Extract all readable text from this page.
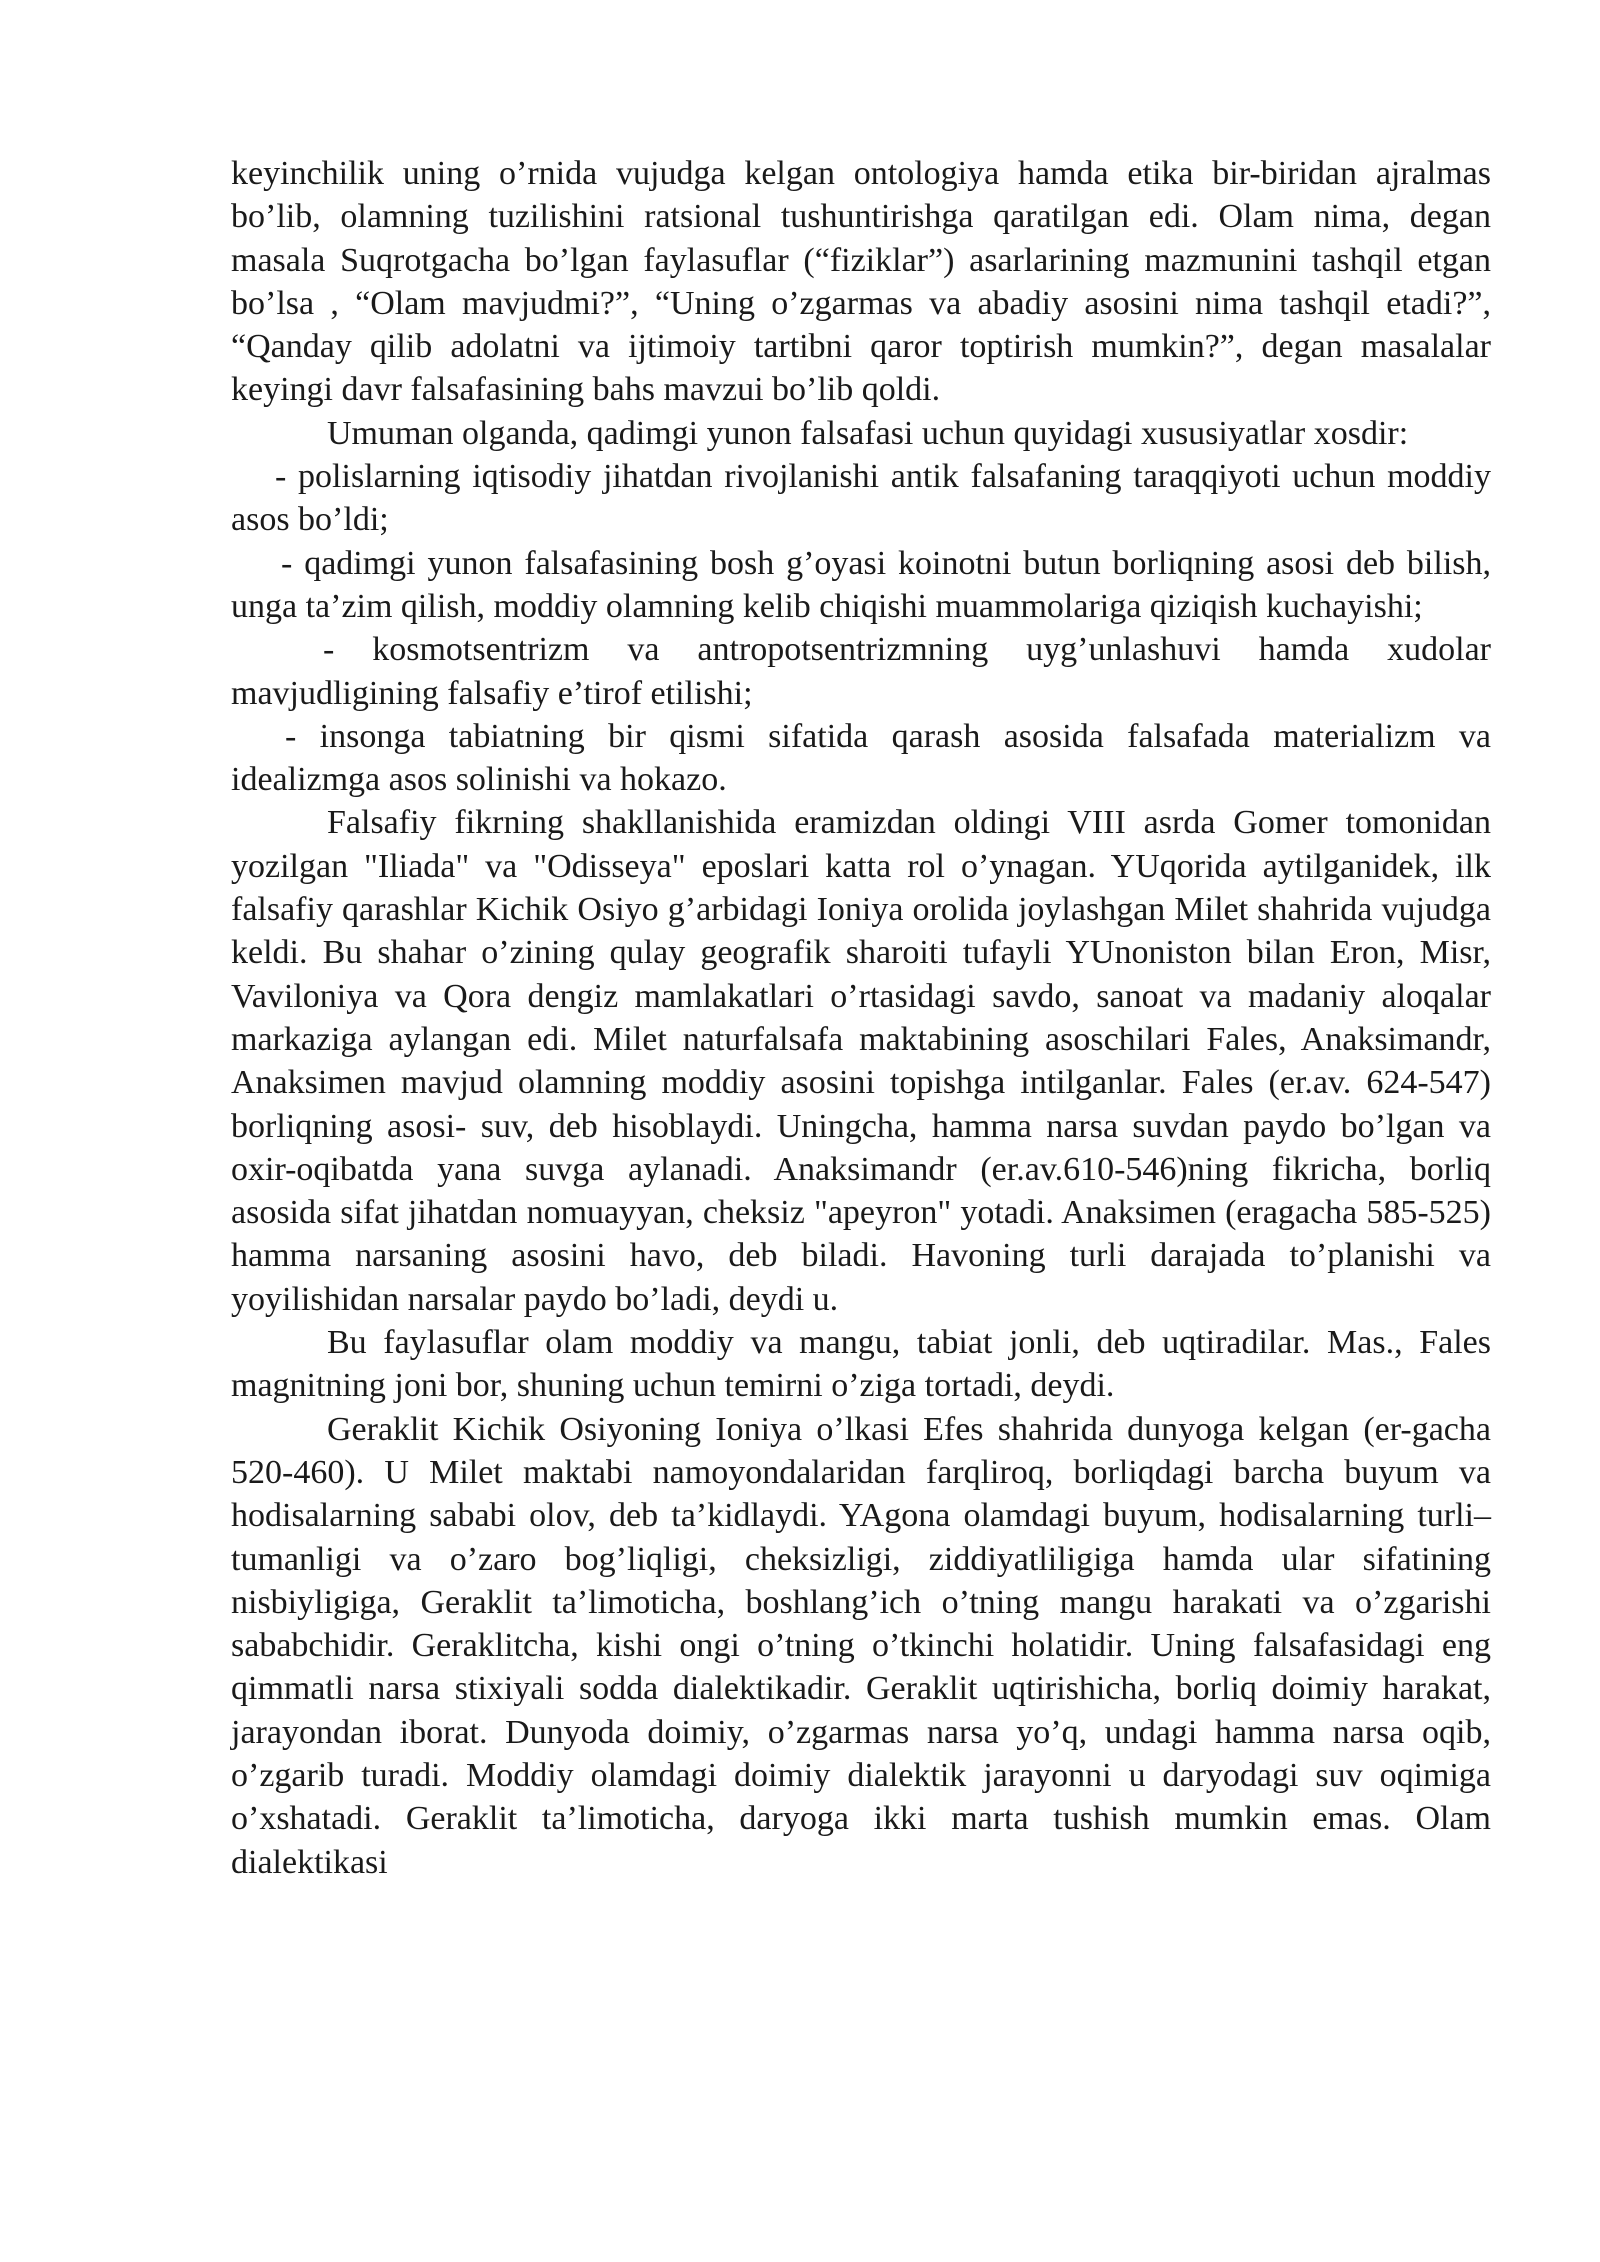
keyinchilik uning o’rnida vujudga kelgan ontologiya hamda etika bir-biridan ajralmas bo’lib, olamning tuzilishini ratsional tushuntirishga qaratilgan edi. Olam nima, degan masala Suqrotgacha bo’lgan faylasuflar (“fiziklar”) asarlarining mazmunini tashqil etgan bo’lsa , “Olam mavjudmi?”, “Uning o’zgarmas va abadiy asosini nima tashqil etadi?”, “Qanday qilib adolatni va ijtimoiy tartibni qaror toptirish mumkin?”, degan masalalar keyingi davr falsafasining bahs mavzui bo’lib qoldi.

Umuman olganda, qadimgi yunon falsafasi uchun quyidagi xususiyatlar xosdir:

- polislarning iqtisodiy jihatdan rivojlanishi antik falsafaning taraqqiyoti uchun moddiy asos bo’ldi;

- qadimgi yunon falsafasining bosh g’oyasi koinotni butun borliqning asosi deb bilish, unga ta’zim qilish, moddiy olamning kelib chiqishi muammolariga qiziqish kuchayishi;

- kosmotsentrizm va antropotsentrizmning uyg’unlashuvi hamda xudolar mavjudligining falsafiy e’tirof etilishi;

- insonga tabiatning bir qismi sifatida qarash asosida falsafada materializm va idealizmga asos solinishi va hokazo.

Falsafiy fikrning shakllanishida eramizdan oldingi VIII asrda Gomer tomonidan yozilgan "Iliada" va "Odisseya" eposlari katta rol o’ynagan. YUqorida aytilganidek, ilk falsafiy qarashlar Kichik Osiyo g’arbidagi Ioniya orolida joylashgan Milet shahrida vujudga keldi. Bu shahar o’zining qulay geografik sharoiti tufayli YUnoniston bilan Eron, Misr, Vaviloniya va Qora dengiz mamlakatlari o’rtasidagi savdo, sanoat va madaniy aloqalar markaziga aylangan edi. Milet naturfalsafa maktabining asoschilari Fales, Anaksimandr, Anaksimen mavjud olamning moddiy asosini topishga intilganlar. Fales (er.av. 624-547) borliqning asosi- suv, deb hisoblaydi. Uningcha, hamma narsa suvdan paydo bo’lgan va oxir-oqibatda yana suvga aylanadi. Anaksimandr (er.av.610-546)ning fikricha, borliq asosida sifat jihatdan nomuayyan, cheksiz "apeyron" yotadi. Anaksimen (eragacha 585-525) hamma narsaning asosini havo, deb biladi. Havoning turli darajada to’planishi va yoyilishidan narsalar paydo bo’ladi, deydi u.

Bu faylasuflar olam moddiy va mangu, tabiat jonli, deb uqtiradilar. Mas., Fales magnitning joni bor, shuning uchun temirni o’ziga tortadi, deydi.

Geraklit Kichik Osiyoning Ioniya o’lkasi Efes shahrida dunyoga kelgan (er-gacha 520-460). U Milet maktabi namoyondalaridan farqliroq, borliqdagi barcha buyum va hodisalarning sababi olov, deb ta’kidlaydi. YAgona olamdagi buyum, hodisalarning turli–tumanligi va o’zaro bog’liqligi, cheksizligi, ziddiyatliligiga hamda ular sifatining nisbiyligiga, Geraklit ta’limoticha, boshlang’ich o’tning mangu harakati va o’zgarishi sababchidir. Geraklitcha, kishi ongi o’tning o’tkinchi holatidir. Uning falsafasidagi eng qimmatli narsa stixiyali sodda dialektikadir. Geraklit uqtirishicha, borliq doimiy harakat, jarayondan iborat. Dunyoda doimiy, o’zgarmas narsa yo’q, undagi hamma narsa oqib, o’zgarib turadi. Moddiy olamdagi doimiy dialektik jarayonni u daryodagi suv oqimiga o’xshatadi. Geraklit ta’limoticha, daryoga ikki marta tushish mumkin emas. Olam dialektikasi
